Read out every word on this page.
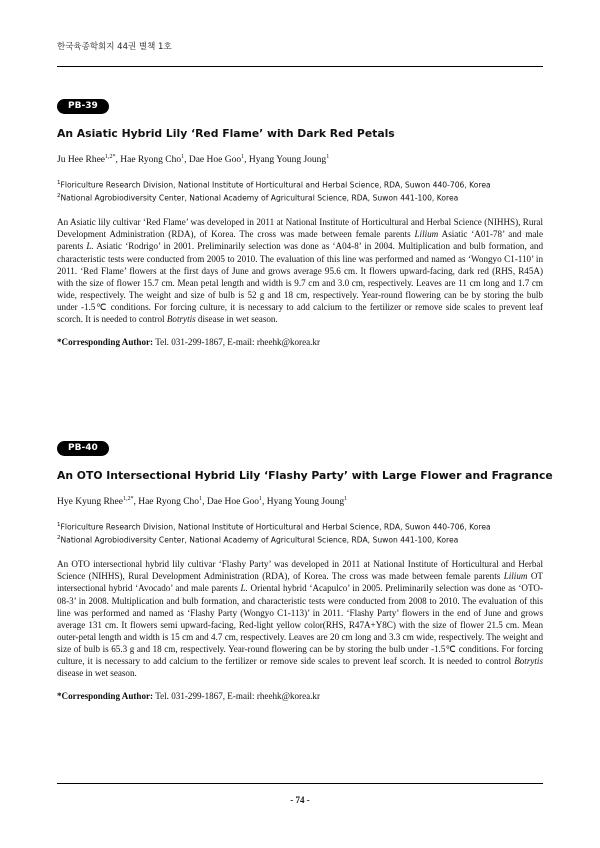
한국육종학회지 44권 별책 1호
PB-39
An Asiatic Hybrid Lily ‘Red Flame’ with Dark Red Petals
Ju Hee Rhee$^{1,2*}$, Hae Ryong Cho$^1$, Dae Hoe Goo$^1$, Hyang Young Joung$^1$
$^1$Floriculture Research Division, National Institute of Horticultural and Herbal Science, RDA, Suwon 440-706, Korea
$^2$National Agrobiodiversity Center, National Academy of Agricultural Science, RDA, Suwon 441-100, Korea
An Asiatic lily cultivar ‘Red Flame’ was developed in 2011 at National Institute of Horticultural and Herbal Science (NIHHS), Rural Development Administration (RDA), of Korea. The cross was made between female parents Lilium Asiatic ‘A01-78’ and male parents L. Asiatic ‘Rodrigo’ in 2001. Preliminarily selection was done as ‘A04-8’ in 2004. Multiplication and bulb formation, and characteristic tests were conducted from 2005 to 2010. The evaluation of this line was performed and named as ‘Wongyo C1-110’ in 2011. ‘Red Flame’ flowers at the first days of June and grows average 95.6 cm. It flowers upward-facing, dark red (RHS, R45A) with the size of flower 15.7 cm. Mean petal length and width is 9.7 cm and 3.0 cm, respectively. Leaves are 11 cm long and 1.7 cm wide, respectively. The weight and size of bulb is 52 g and 18 cm, respectively. Year-round flowering can be by storing the bulb under -1.5℃ conditions. For forcing culture, it is necessary to add calcium to the fertilizer or remove side scales to prevent leaf scorch. It is needed to control Botrytis disease in wet season.
*Corresponding Author: Tel. 031-299-1867, E-mail: rheehk@korea.kr
PB-40
An OTO Intersectional Hybrid Lily ‘Flashy Party’ with Large Flower and Fragrance
Hye Kyung Rhee$^{1,2*}$, Hae Ryong Cho$^1$, Dae Hoe Goo$^1$, Hyang Young Joung$^1$
$^1$Floriculture Research Division, National Institute of Horticultural and Herbal Science, RDA, Suwon 440-706, Korea
$^2$National Agrobiodiversity Center, National Academy of Agricultural Science, RDA, Suwon 441-100, Korea
An OTO intersectional hybrid lily cultivar ‘Flashy Party’ was developed in 2011 at National Institute of Horticultural and Herbal Science (NIHHS), Rural Development Administration (RDA), of Korea. The cross was made between female parents Lilium OT intersectional hybrid ‘Avocado’ and male parents L. Oriental hybrid ‘Acapulco’ in 2005. Preliminarily selection was done as ‘OTO-08-3’ in 2008. Multiplication and bulb formation, and characteristic tests were conducted from 2008 to 2010. The evaluation of this line was performed and named as ‘Flashy Party (Wongyo C1-113)’ in 2011. ‘Flashy Party’ flowers in the end of June and grows average 131 cm. It flowers semi upward-facing, Red-light yellow color(RHS, R47A+Y8C) with the size of flower 21.5 cm. Mean outer-petal length and width is 15 cm and 4.7 cm, respectively. Leaves are 20 cm long and 3.3 cm wide, respectively. The weight and size of bulb is 65.3 g and 18 cm, respectively. Year-round flowering can be by storing the bulb under -1.5℃ conditions. For forcing culture, it is necessary to add calcium to the fertilizer or remove side scales to prevent leaf scorch. It is needed to control Botrytis disease in wet season.
*Corresponding Author: Tel. 031-299-1867, E-mail: rheehk@korea.kr
- 74 -
